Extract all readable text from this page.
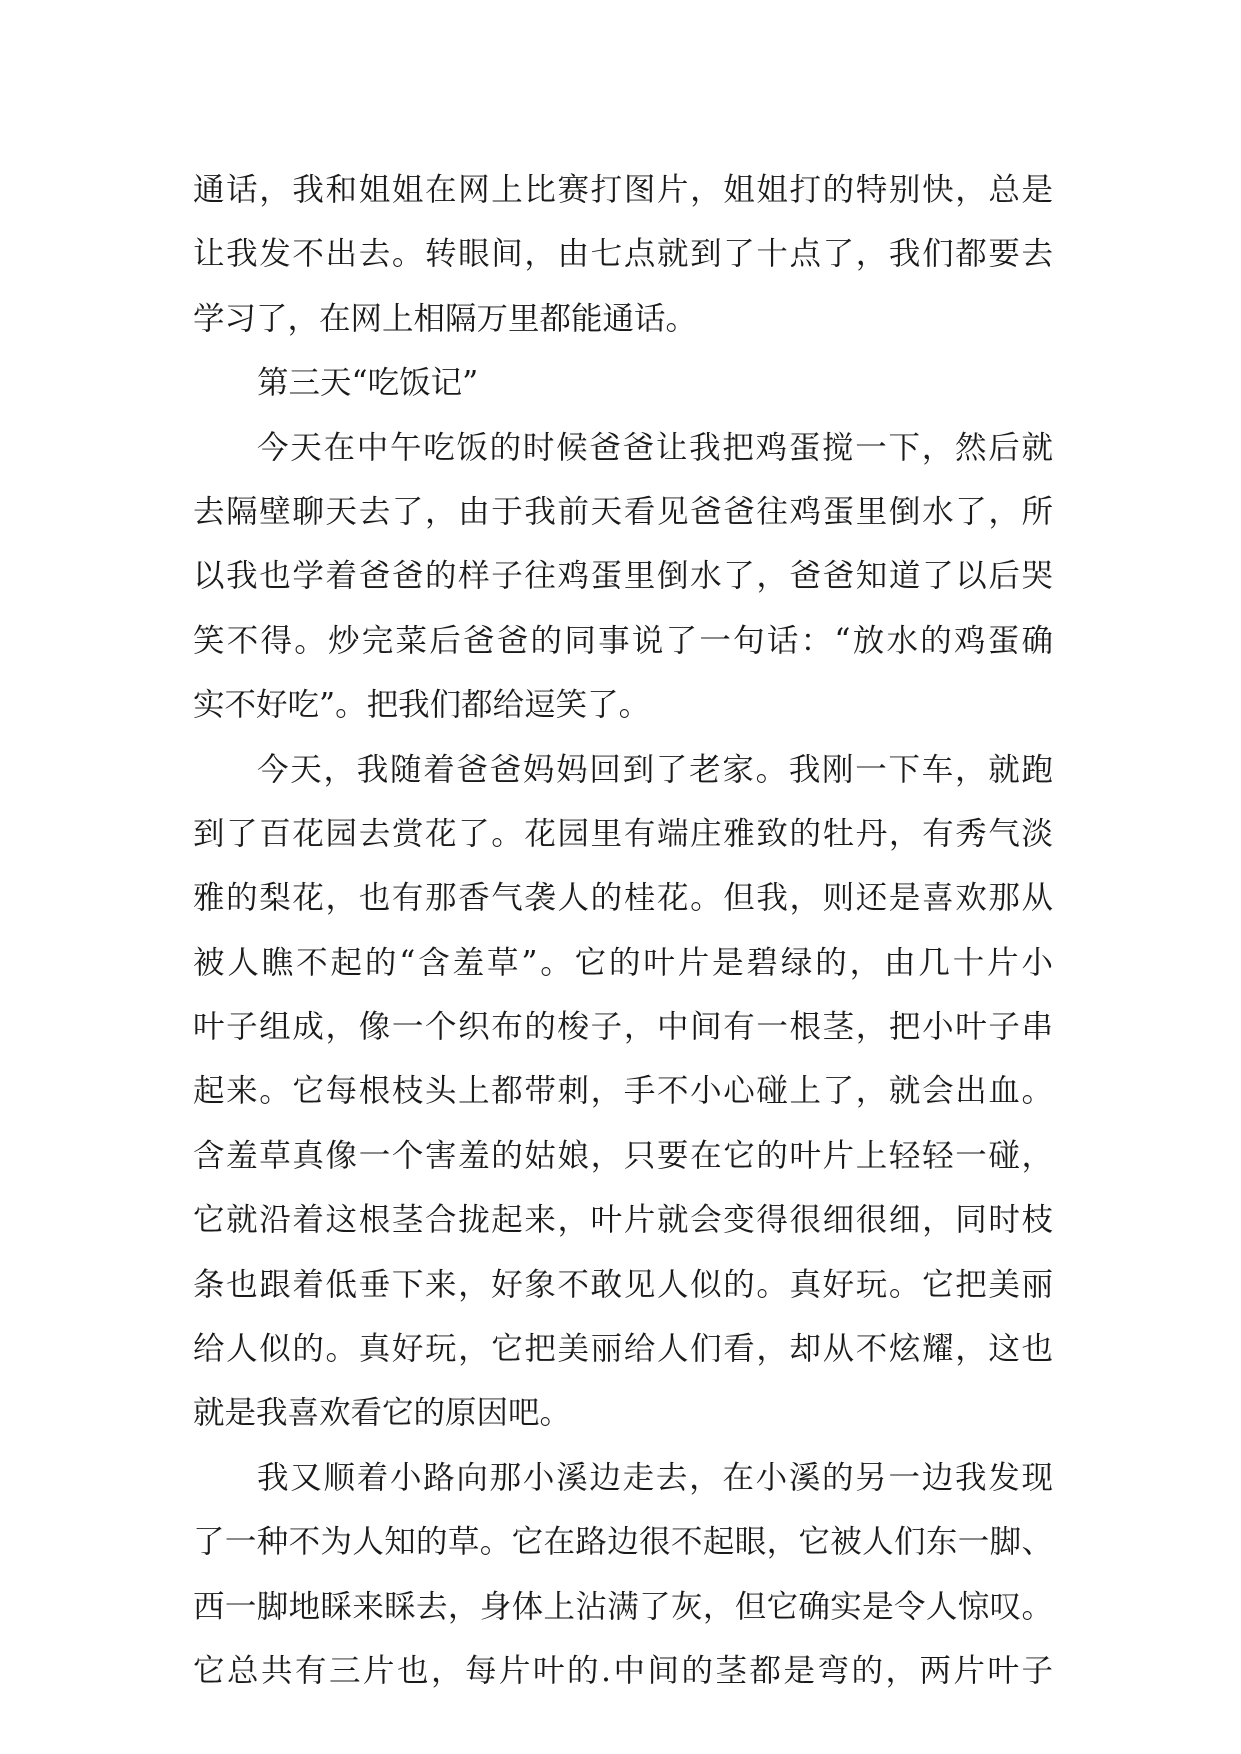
通话，我和姐姐在网上比赛打图片，姐姐打的特别快，总是
让我发不出去。转眼间，由七点就到了十点了，我们都要去
学习了，在网上相隔万里都能通话。
第三天“吃饭记”
今天在中午吃饭的时候爸爸让我把鸡蛋搅一下，然后就
去隔壁聊天去了，由于我前天看见爸爸往鸡蛋里倒水了，所
以我也学着爸爸的样子往鸡蛋里倒水了，爸爸知道了以后哭
笑不得。炒完菜后爸爸的同事说了一句话：“放水的鸡蛋确
实不好吃”。把我们都给逗笑了。
今天，我随着爸爸妈妈回到了老家。我刚一下车，就跑
到了百花园去赏花了。花园里有端庄雅致的牡丹，有秀气淡
雅的梨花，也有那香气袭人的桂花。但我，则还是喜欢那从
被人瞧不起的“含羞草”。它的叶片是碧绿的，由几十片小
叶子组成，像一个织布的梭子，中间有一根茎，把小叶子串
起来。它每根枝头上都带刺，手不小心碰上了，就会出血。
含羞草真像一个害羞的姑娘，只要在它的叶片上轻轻一碰，
它就沿着这根茎合拢起来，叶片就会变得很细很细，同时枝
条也跟着低垂下来，好象不敢见人似的。真好玩。它把美丽
给人似的。真好玩，它把美丽给人们看，却从不炫耀，这也
就是我喜欢看它的原因吧。
我又顺着小路向那小溪边走去，在小溪的另一边我发现
了一种不为人知的草。它在路边很不起眼，它被人们东一脚、
西一脚地睬来睬去，身体上沾满了灰，但它确实是令人惊叹。
它总共有三片也，每片叶的.中间的茎都是弯的，两片叶子
